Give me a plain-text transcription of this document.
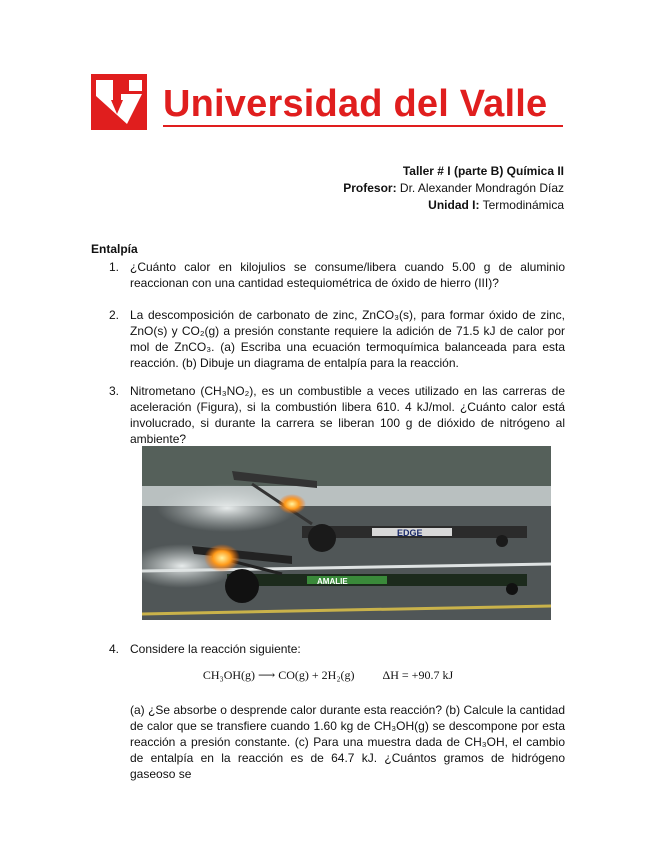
Universidad del Valle
Taller # I (parte B) Química II
Profesor: Dr. Alexander Mondragón Díaz
Unidad I: Termodinámica
Entalpía
1. ¿Cuánto calor en kilojulios se consume/libera cuando 5.00 g de aluminio reaccionan con una cantidad estequiométrica de óxido de hierro (III)?
2. La descomposición de carbonato de zinc, ZnCO₃(s), para formar óxido de zinc, ZnO(s) y CO₂(g) a presión constante requiere la adición de 71.5 kJ de calor por mol de ZnCO₃. (a) Escriba una ecuación termoquímica balanceada para esta reacción. (b) Dibuje un diagrama de entalpía para la reacción.
3. Nitrometano (CH₃NO₂), es un combustible a veces utilizado en las carreras de aceleración (Figura), si la combustión libera 610. 4 kJ/mol. ¿Cuánto calor está involucrado, si durante la carrera se liberan 100 g de dióxido de nitrógeno al ambiente?
EDGE
AMALIE
4. Considere la reacción siguiente:
CH₃OH(g) ⟶ CO(g) + 2H₂(g) ΔH = +90.7 kJ
(a) ¿Se absorbe o desprende calor durante esta reacción? (b) Calcule la cantidad de calor que se transfiere cuando 1.60 kg de CH₃OH(g) se descompone por esta reacción a presión constante. (c) Para una muestra dada de CH₃OH, el cambio de entalpía en la reacción es de 64.7 kJ. ¿Cuántos gramos de hidrógeno gaseoso se
